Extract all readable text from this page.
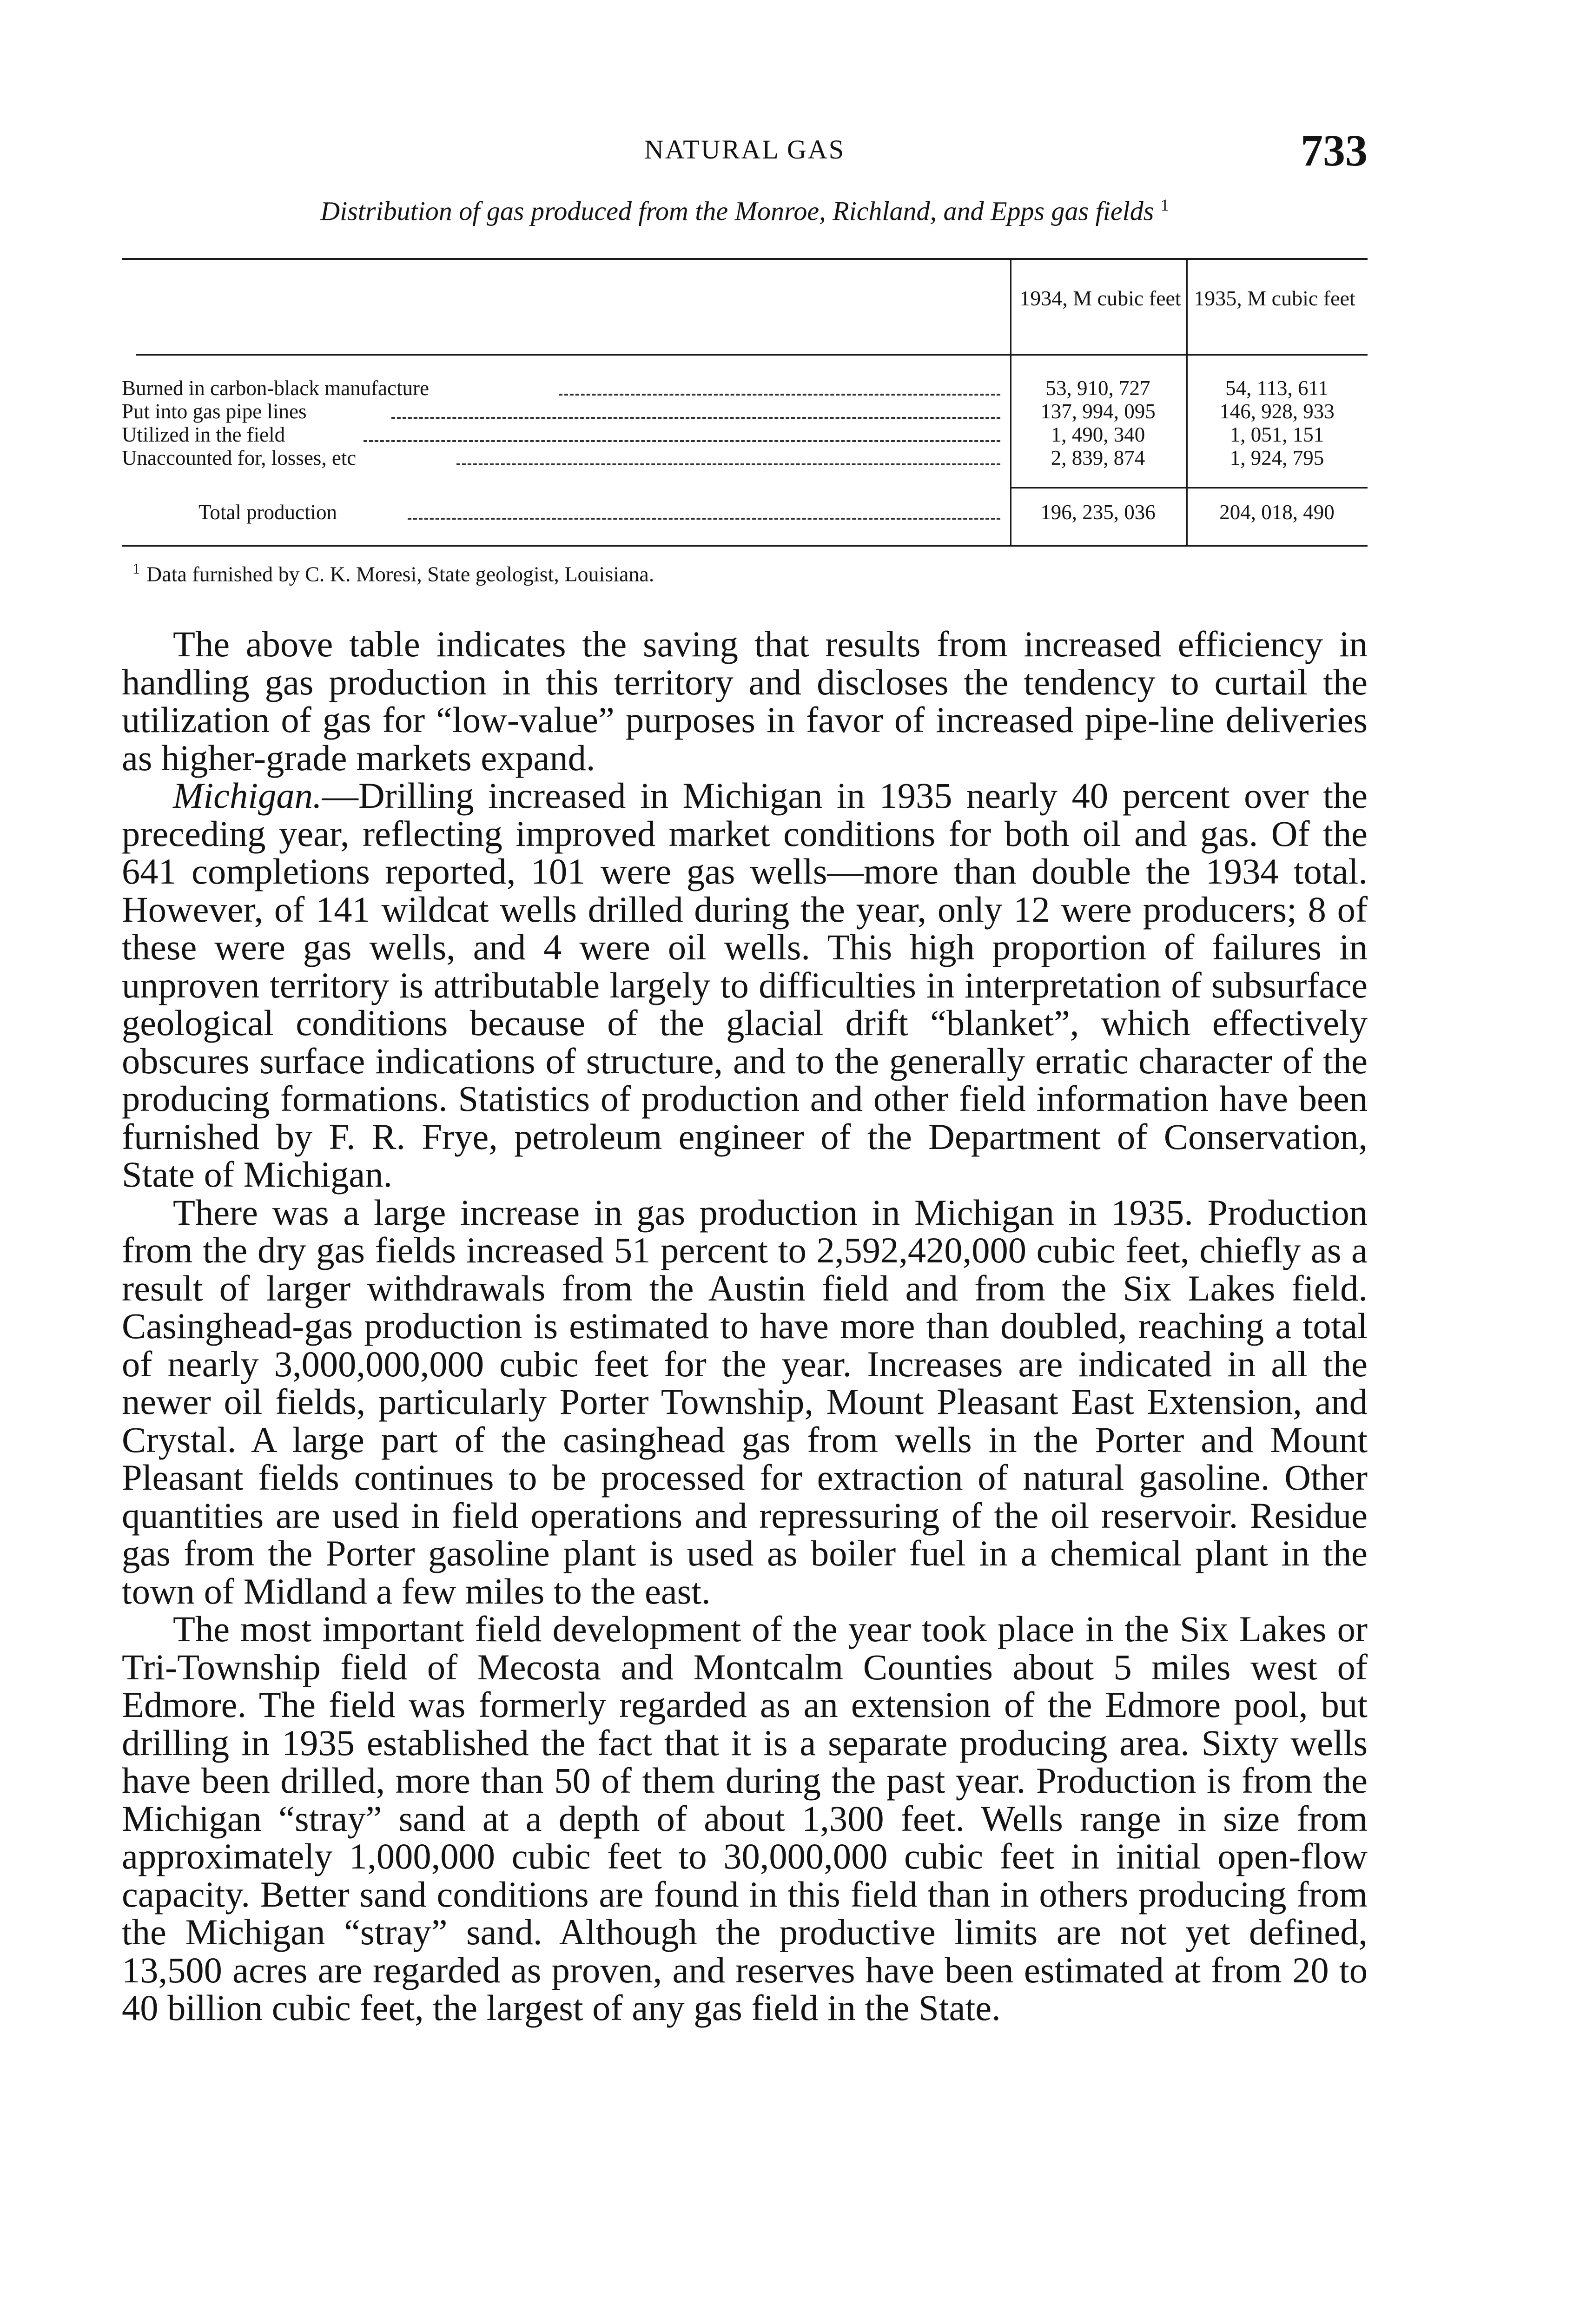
NATURAL GAS	733
Distribution of gas produced from the Monroe, Richland, and Epps gas fields $^1$
1934, M cubic feet 1935, M cubic feet
Burned in carbon-black manufacture	53, 910, 727	54, 113, 611
Put into gas pipe lines	137, 994, 095	146, 928, 933
Utilized in the field	1, 490, 340	1, 051, 151
Unaccounted for, losses, etc	2, 839, 874	1, 924, 795
Total production	196, 235, 036	204, 018, 490
$^1$ Data furnished by C. K. Moresi, State geologist, Louisiana.

The above table indicates the saving that results from increased efficiency in handling gas production in this territory and discloses the tendency to curtail the utilization of gas for “low-value” purposes in favor of increased pipe-line deliveries as higher-grade markets expand.

Michigan.—Drilling increased in Michigan in 1935 nearly 40 percent over the preceding year, reflecting improved market conditions for both oil and gas. Of the 641 completions reported, 101 were gas wells—more than double the 1934 total. However, of 141 wildcat wells drilled during the year, only 12 were producers; 8 of these were gas wells, and 4 were oil wells. This high proportion of failures in unproven territory is attributable largely to difficulties in interpretation of subsurface geological conditions because of the glacial drift “blanket”, which effectively obscures surface indications of structure, and to the generally erratic character of the producing formations. Statistics of production and other field information have been furnished by F. R. Frye, petroleum engineer of the Department of Conservation, State of Michigan.

There was a large increase in gas production in Michigan in 1935. Production from the dry gas fields increased 51 percent to 2,592,420,000 cubic feet, chiefly as a result of larger withdrawals from the Austin field and from the Six Lakes field. Casinghead-gas production is estimated to have more than doubled, reaching a total of nearly 3,000,000,000 cubic feet for the year. Increases are indicated in all the newer oil fields, particularly Porter Township, Mount Pleasant East Extension, and Crystal. A large part of the casinghead gas from wells in the Porter and Mount Pleasant fields continues to be processed for extraction of natural gasoline. Other quantities are used in field operations and repressuring of the oil reservoir. Residue gas from the Porter gasoline plant is used as boiler fuel in a chemical plant in the town of Midland a few miles to the east.

The most important field development of the year took place in the Six Lakes or Tri-Township field of Mecosta and Montcalm Counties about 5 miles west of Edmore. The field was formerly regarded as an extension of the Edmore pool, but drilling in 1935 established the fact that it is a separate producing area. Sixty wells have been drilled, more than 50 of them during the past year. Production is from the Michigan “stray” sand at a depth of about 1,300 feet. Wells range in size from approximately 1,000,000 cubic feet to 30,000,000 cubic feet in initial open-flow capacity. Better sand conditions are found in this field than in others producing from the Michigan “stray” sand. Although the productive limits are not yet defined, 13,500 acres are regarded as proven, and reserves have been estimated at from 20 to 40 billion cubic feet, the largest of any gas field in the State.
